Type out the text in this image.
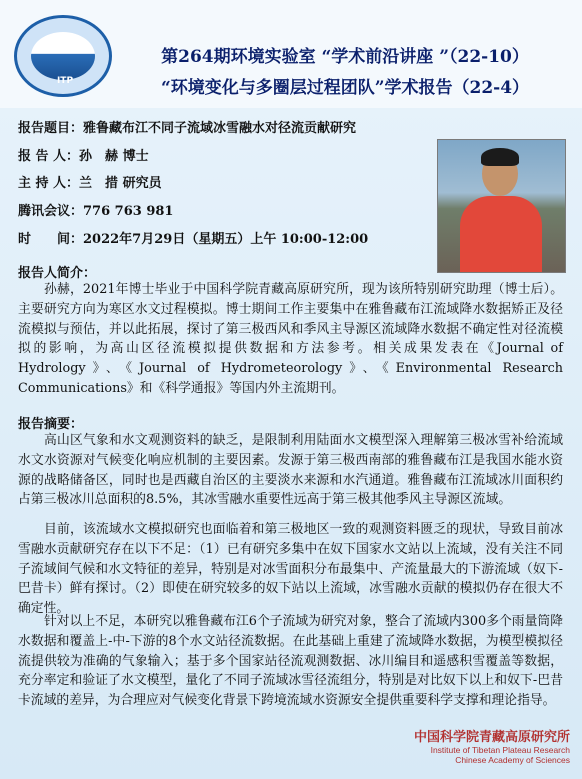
ITP
第264期环境实验室 “学术前沿讲座 ”（22-10）
“环境变化与多圈层过程团队”学术报告（22-4）
报告题目：雅鲁藏布江不同子流域冰雪融水对径流贡献研究
报 告 人：孙　赫 博士
主 持 人：兰　措 研究员
腾讯会议：776 763 981
时　　间：2022年7月29日（星期五）上午 10:00-12:00
报告人简介：
孙赫，2021年博士毕业于中国科学院青藏高原研究所，现为该所特别研究助理（博士后）。主要研究方向为寒区水文过程模拟。博士期间工作主要集中在雅鲁藏布江流域降水数据矫正及径流模拟与预估，并以此拓展，探讨了第三极西风和季风主导源区流域降水数据不确定性对径流模拟的影响，为高山区径流模拟提供数据和方法参考。相关成果发表在《Journal of Hydrology》、《Journal of Hydrometeorology》、《Environmental Research Communications》和《科学通报》等国内外主流期刊。
报告摘要：
高山区气象和水文观测资料的缺乏，是限制利用陆面水文模型深入理解第三极冰雪补给流域水文水资源对气候变化响应机制的主要因素。发源于第三极西南部的雅鲁藏布江是我国水能水资源的战略储备区，同时也是西藏自治区的主要淡水来源和水汽通道。雅鲁藏布江流域冰川面积约占第三极冰川总面积的8.5%，其冰雪融水重要性远高于第三极其他季风主导源区流域。
目前，该流域水文模拟研究也面临着和第三极地区一致的观测资料匮乏的现状，导致目前冰雪融水贡献研究存在以下不足：（1）已有研究多集中在奴下国家水文站以上流域，没有关注不同子流域间气候和水文特征的差异，特别是对冰雪面积分布最集中、产流量最大的下游流域（奴下-巴昔卡）鲜有探讨。（2）即使在研究较多的奴下站以上流域，冰雪融水贡献的模拟仍存在很大不确定性。
针对以上不足，本研究以雅鲁藏布江6个子流域为研究对象，整合了流域内300多个雨量筒降水数据和覆盖上-中-下游的8个水文站径流数据。在此基础上重建了流域降水数据，为模型模拟径流提供较为准确的气象输入；基于多个国家站径流观测数据、冰川编目和遥感积雪覆盖等数据，充分率定和验证了水文模型，量化了不同子流域冰雪径流组分，特别是对比奴下以上和奴下-巴昔卡流域的差异，为合理应对气候变化背景下跨境流域水资源安全提供重要科学支撑和理论指导。
中国科学院青藏高原研究所
Institute of Tibetan Plateau Research
Chinese Academy of Sciences
